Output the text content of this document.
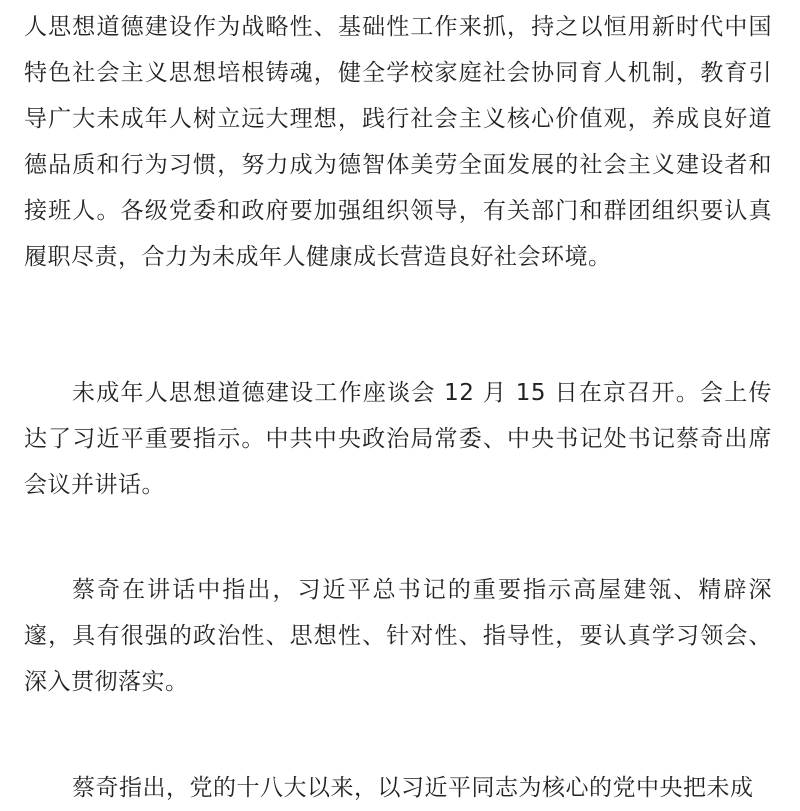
人思想道德建设作为战略性、基础性工作来抓，持之以恒用新时代中国特色社会主义思想培根铸魂，健全学校家庭社会协同育人机制，教育引导广大未成年人树立远大理想，践行社会主义核心价值观，养成良好道德品质和行为习惯，努力成为德智体美劳全面发展的社会主义建设者和接班人。各级党委和政府要加强组织领导，有关部门和群团组织要认真履职尽责，合力为未成年人健康成长营造良好社会环境。

未成年人思想道德建设工作座谈会 12 月 15 日在京召开。会上传达了习近平重要指示。中共中央政治局常委、中央书记处书记蔡奇出席会议并讲话。

蔡奇在讲话中指出，习近平总书记的重要指示高屋建瓴、精辟深邃，具有很强的政治性、思想性、针对性、指导性，要认真学习领会、深入贯彻落实。

蔡奇指出，党的十八大以来，以习近平同志为核心的党中央把未成
